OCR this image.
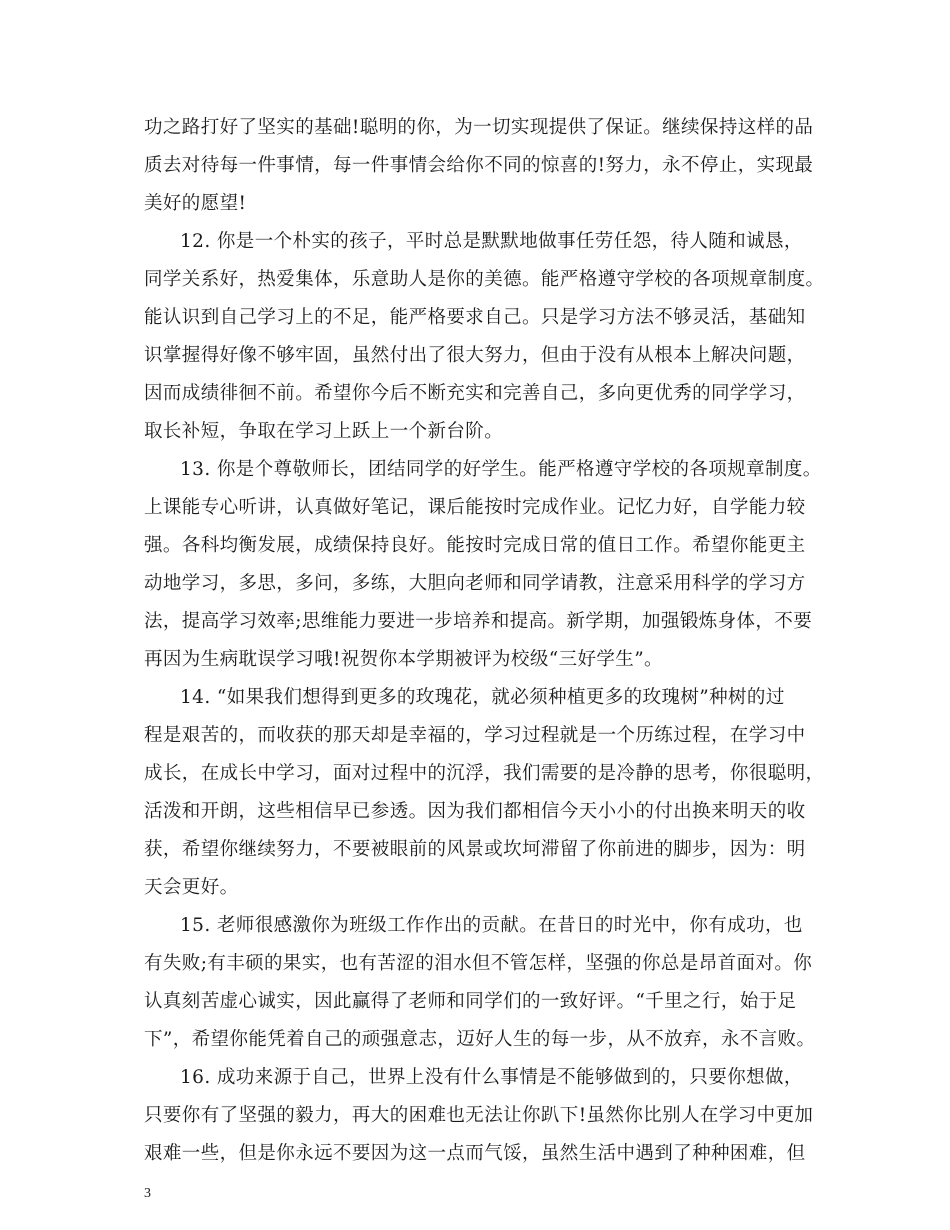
功之路打好了坚实的基础!聪明的你，为一切实现提供了保证。继续保持这样的品
质去对待每一件事情，每一件事情会给你不同的惊喜的!努力，永不停止，实现最
美好的愿望!
12. 你是一个朴实的孩子，平时总是默默地做事任劳任怨，待人随和诚恳，
同学关系好，热爱集体，乐意助人是你的美德。能严格遵守学校的各项规章制度。
能认识到自己学习上的不足，能严格要求自己。只是学习方法不够灵活，基础知
识掌握得好像不够牢固，虽然付出了很大努力，但由于没有从根本上解决问题，
因而成绩徘徊不前。希望你今后不断充实和完善自己，多向更优秀的同学学习，
取长补短，争取在学习上跃上一个新台阶。
13. 你是个尊敬师长，团结同学的好学生。能严格遵守学校的各项规章制度。
上课能专心听讲，认真做好笔记，课后能按时完成作业。记忆力好，自学能力较
强。各科均衡发展，成绩保持良好。能按时完成日常的值日工作。希望你能更主
动地学习，多思，多问，多练，大胆向老师和同学请教，注意采用科学的学习方
法，提高学习效率;思维能力要进一步培养和提高。新学期，加强锻炼身体，不要
再因为生病耽误学习哦!祝贺你本学期被评为校级“三好学生”。
14. “如果我们想得到更多的玫瑰花，就必须种植更多的玫瑰树”种树的过
程是艰苦的，而收获的那天却是幸福的，学习过程就是一个历练过程，在学习中
成长，在成长中学习，面对过程中的沉浮，我们需要的是冷静的思考，你很聪明，
活泼和开朗，这些相信早已参透。因为我们都相信今天小小的付出换来明天的收
获，希望你继续努力，不要被眼前的风景或坎坷滞留了你前进的脚步，因为：明
天会更好。
15. 老师很感激你为班级工作作出的贡献。在昔日的时光中，你有成功，也
有失败;有丰硕的果实，也有苦涩的泪水但不管怎样，坚强的你总是昂首面对。你
认真刻苦虚心诚实，因此赢得了老师和同学们的一致好评。“千里之行，始于足
下”，希望你能凭着自己的顽强意志，迈好人生的每一步，从不放弃，永不言败。
16. 成功来源于自己，世界上没有什么事情是不能够做到的，只要你想做，
只要你有了坚强的毅力，再大的困难也无法让你趴下!虽然你比别人在学习中更加
艰难一些，但是你永远不要因为这一点而气馁，虽然生活中遇到了种种困难，但
3
